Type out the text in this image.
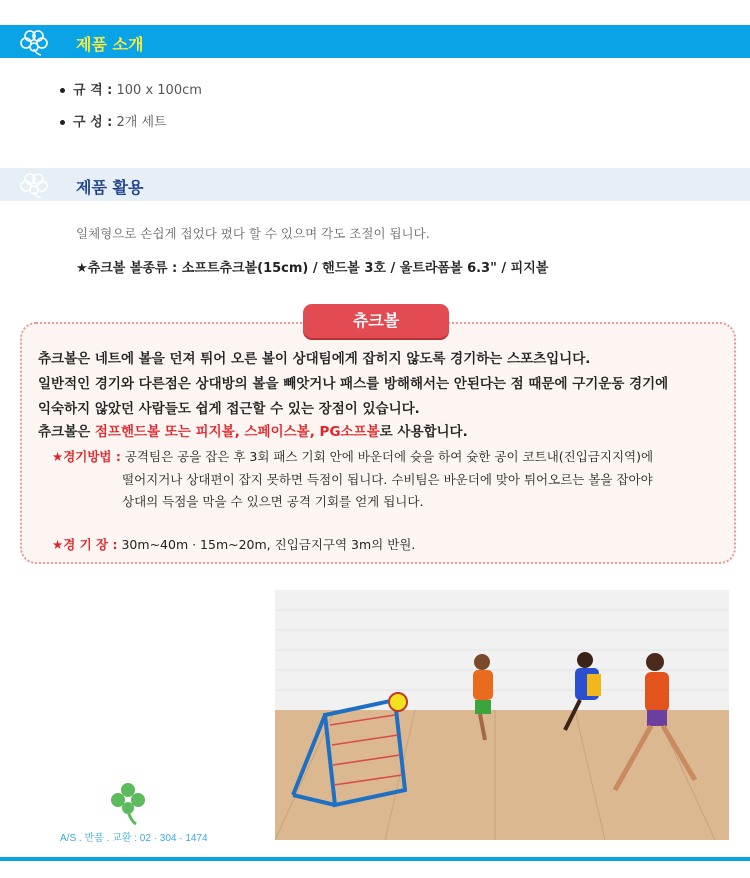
제품 소개
규 격 : 100 x 100cm
구 성 : 2개 세트
제품 활용
일체형으로 손쉽게 접었다 폈다 할 수 있으며 각도 조절이 됩니다.
★츄크볼 볼종류 : 소프트츄크볼(15cm) / 핸드볼 3호 / 울트라폼볼 6.3" / 피지볼
츄크볼
츄크볼은 네트에 볼을 던져 튀어 오른 볼이 상대팀에게 잡히지 않도록 경기하는 스포츠입니다.
일반적인 경기와 다른점은 상대방의 볼을 빼앗거나 패스를 방해해서는 안된다는 점 때문에 구기운동 경기에
익숙하지 않았던 사람들도 쉽게 접근할 수 있는 장점이 있습니다.
츄크볼은 점프핸드볼 또는 피지볼, 스페이스볼, PG소프볼로 사용합니다.
★경기방법 : 공격팀은 공을 잡은 후 3회 패스 기회 안에 바운더에 슛을 하여 슛한 공이 코트내(진입금지지역)에
떨어지거나 상대편이 잡지 못하면 득점이 됩니다. 수비팀은 바운더에 맞아 튀어오르는 볼을 잡아야
상대의 득점을 막을 수 있으면 공격 기회를 얻게 됩니다.
★경 기 장 : 30m~40m · 15m~20m, 진입금지구역 3m의 반원.
에 듀 꿈 터
A/S . 반품 . 교환 : 02 · 304 · 1474
